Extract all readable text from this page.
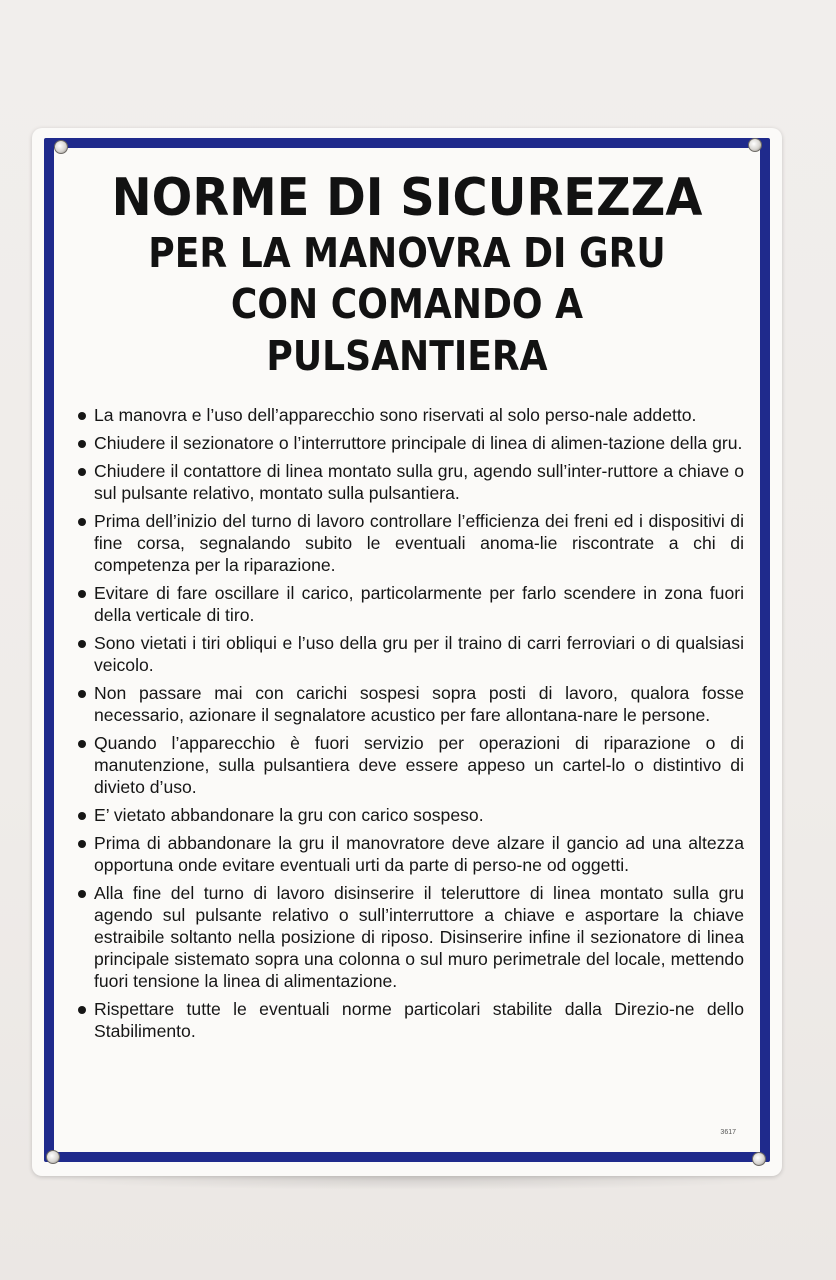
NORME DI SICUREZZA
PER LA MANOVRA DI GRU
CON COMANDO A PULSANTIERA
La manovra e l’uso dell’apparecchio sono riservati al solo perso-nale addetto.
Chiudere il sezionatore o l’interruttore principale di linea di alimen-tazione della gru.
Chiudere il contattore di linea montato sulla gru, agendo sull’inter-ruttore a chiave o sul pulsante relativo, montato sulla pulsantiera.
Prima dell’inizio del turno di lavoro controllare l’efficienza dei freni ed i dispositivi di fine corsa, segnalando subito le eventuali anoma-lie riscontrate a chi di competenza per la riparazione.
Evitare di fare oscillare il carico, particolarmente per farlo scendere in zona fuori della verticale di tiro.
Sono vietati i tiri obliqui e l’uso della gru per il traino di carri ferroviari o di qualsiasi veicolo.
Non passare mai con carichi sospesi sopra posti di lavoro, qualora fosse necessario, azionare il segnalatore acustico per fare allontana-nare le persone.
Quando l’apparecchio è fuori servizio per operazioni di riparazione o di manutenzione, sulla pulsantiera deve essere appeso un cartel-lo o distintivo di divieto d’uso.
E’ vietato abbandonare la gru con carico sospeso.
Prima di abbandonare la gru il manovratore deve alzare il gancio ad una altezza opportuna onde evitare eventuali urti da parte di perso-ne od oggetti.
Alla fine del turno di lavoro disinserire il teleruttore di linea montato sulla gru agendo sul pulsante relativo o sull’interruttore a chiave e asportare la chiave estraibile soltanto nella posizione di riposo. Disinserire infine il sezionatore di linea principale sistemato sopra una colonna o sul muro perimetrale del locale, mettendo fuori tensione la linea di alimentazione.
Rispettare tutte le eventuali norme particolari stabilite dalla Direzio-ne dello Stabilimento.
3617
